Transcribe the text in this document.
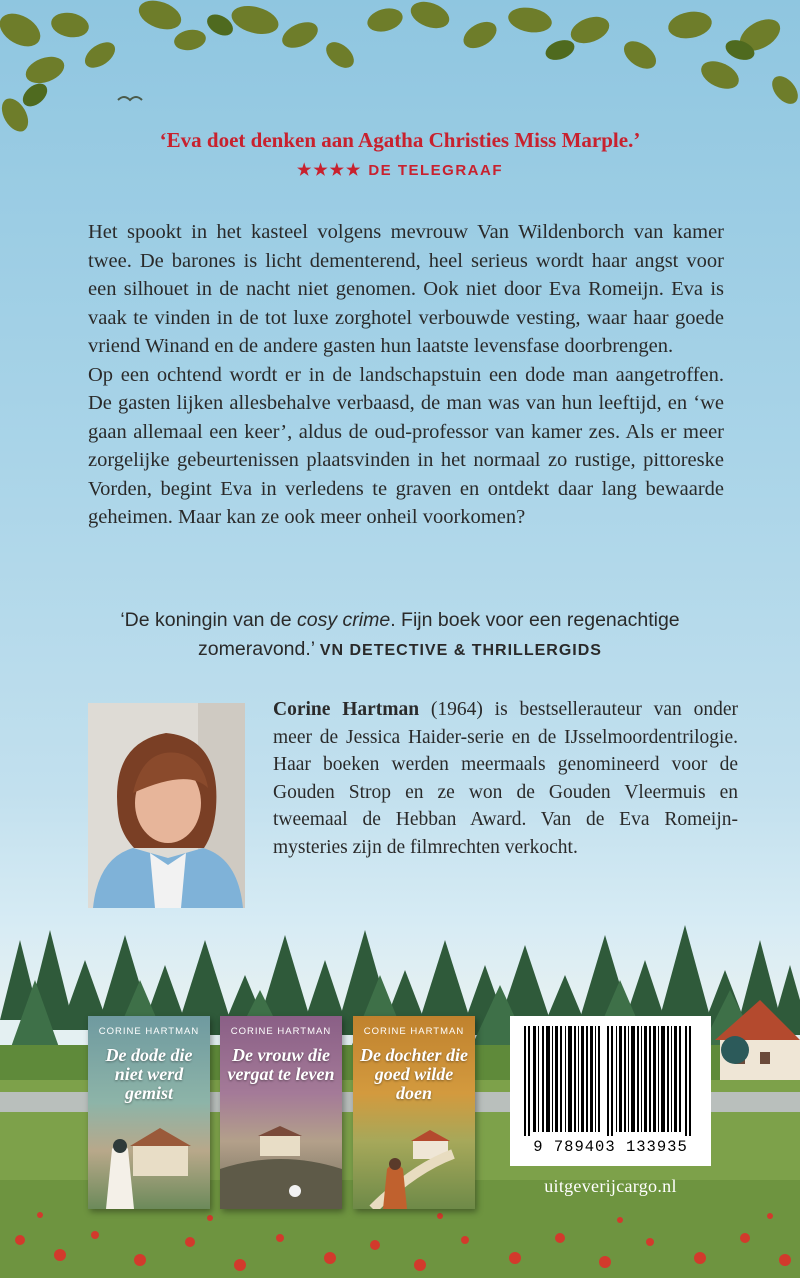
‘Eva doet denken aan Agatha Christies Miss Marple.’
★★★★ DE TELEGRAAF

Het spookt in het kasteel volgens mevrouw Van Wildenborch van kamer twee. De barones is licht dementerend, heel serieus wordt haar angst voor een silhouet in de nacht niet genomen. Ook niet door Eva Romeijn. Eva is vaak te vinden in de tot luxe zorghotel verbouwde vesting, waar haar goede vriend Winand en de andere gasten hun laatste levensfase doorbrengen.

Op een ochtend wordt er in de landschapstuin een dode man aangetroffen. De gasten lijken allesbehalve verbaasd, de man was van hun leeftijd, en ‘we gaan allemaal een keer’, aldus de oud-professor van kamer zes. Als er meer zorgelijke gebeurtenissen plaatsvinden in het normaal zo rustige, pittoreske Vorden, begint Eva in verledens te graven en ontdekt daar lang bewaarde geheimen. Maar kan ze ook meer onheil voorkomen?

‘De koningin van de cosy crime. Fijn boek voor een regenachtige zomeravond.’ VN DETECTIVE & THRILLERGIDS
Corine Hartman (1964) is bestsellerauteur van onder meer de Jessica Haider-serie en de IJsselmoordentrilogie. Haar boeken werden meermaals genomineerd voor de Gouden Strop en ze won de Gouden Vleermuis en tweemaal de Hebban Award. Van de Eva Romeijn-mysteries zijn de filmrechten verkocht.
CORINE HARTMAN
De dode die niet werd gemist
CORINE HARTMAN
De vrouw die vergat te leven
CORINE HARTMAN
De dochter die goed wilde doen
9 789403 133935
uitgeverijcargo.nl
